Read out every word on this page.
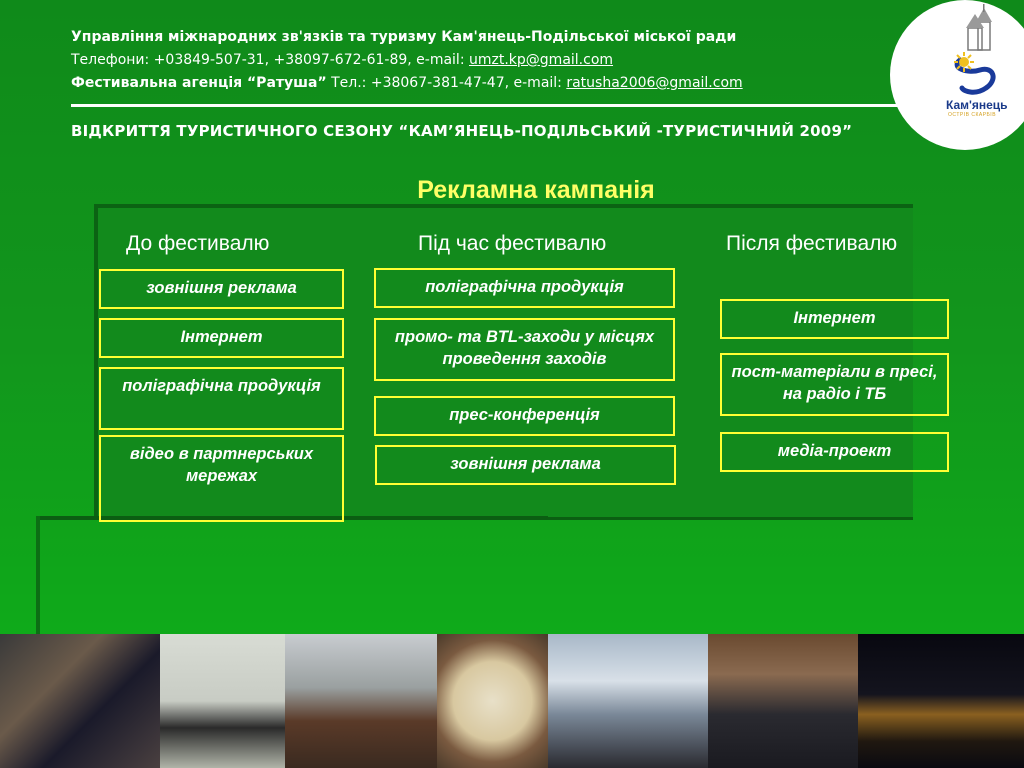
Управління міжнародних зв'язків та туризму Кам'янець-Подільської міської ради
Телефони: +03849-507-31, +38097-672-61-89, e-mail: umzt.kp@gmail.com
Фестивальна агенція “Ратуша” Тел.: +38067-381-47-47, e-mail: ratusha2006@gmail.com
ВІДКРИТТЯ ТУРИСТИЧНОГО СЕЗОНУ “КАМ’ЯНЕЦЬ-ПОДІЛЬСЬКИЙ -ТУРИСТИЧНИЙ 2009”
Кам'янець
ОСТРІВ СКАРБІВ
Рекламна кампанія
До фестивалю	Під час фестивалю	Після фестивалю
зовнішня реклама
Інтернет
поліграфічна продукція
відео в партнерських мережах
поліграфічна продукція
промо- та BTL-заходи у місцях проведення заходів
прес-конференція
зовнішня реклама
Інтернет
пост-матеріали в пресі, на радіо і ТБ
медіа-проект
